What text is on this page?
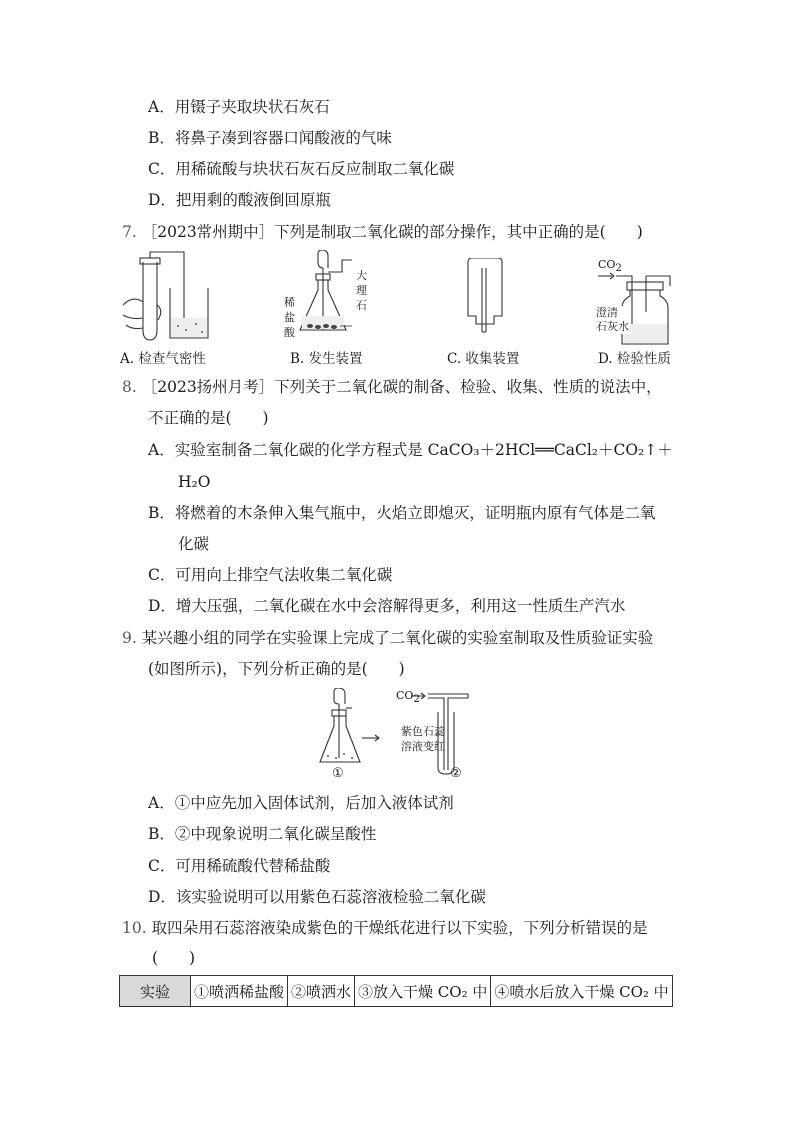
A．用镊子夹取块状石灰石
B．将鼻子凑到容器口闻酸液的气味
C．用稀硫酸与块状石灰石反应制取二氧化碳
D．把用剩的酸液倒回原瓶
7. ［2023常州期中］下列是制取二氧化碳的部分操作，其中正确的是(　　)
稀
盐
酸
大
理
石
$CO_2$
澄清
石灰水
A. 检查气密性	B. 发生装置	C. 收集装置	D. 检验性质
8. ［2023扬州月考］下列关于二氧化碳的制备、检验、收集、性质的说法中，
不正确的是(　　)
A．实验室制备二氧化碳的化学方程式是 CaCO₃＋2HCl══CaCl₂＋CO₂↑＋
H₂O
B．将燃着的木条伸入集气瓶中，火焰立即熄灭，证明瓶内原有气体是二氧
化碳
C．可用向上排空气法收集二氧化碳
D．增大压强，二氧化碳在水中会溶解得更多，利用这一性质生产汽水
9. 某兴趣小组的同学在实验课上完成了二氧化碳的实验室制取及性质验证实验
(如图所示)，下列分析正确的是(　　)
$CO_2$
紫色石蕊
溶液变红
①	②
A．①中应先加入固体试剂，后加入液体试剂
B．②中现象说明二氧化碳呈酸性
C．可用稀硫酸代替稀盐酸
D．该实验说明可以用紫色石蕊溶液检验二氧化碳
10. 取四朵用石蕊溶液染成紫色的干燥纸花进行以下实验，下列分析错误的是
(　　)
实验	①喷洒稀盐酸	②喷洒水	③放入干燥 CO₂ 中	④喷水后放入干燥 CO₂ 中
